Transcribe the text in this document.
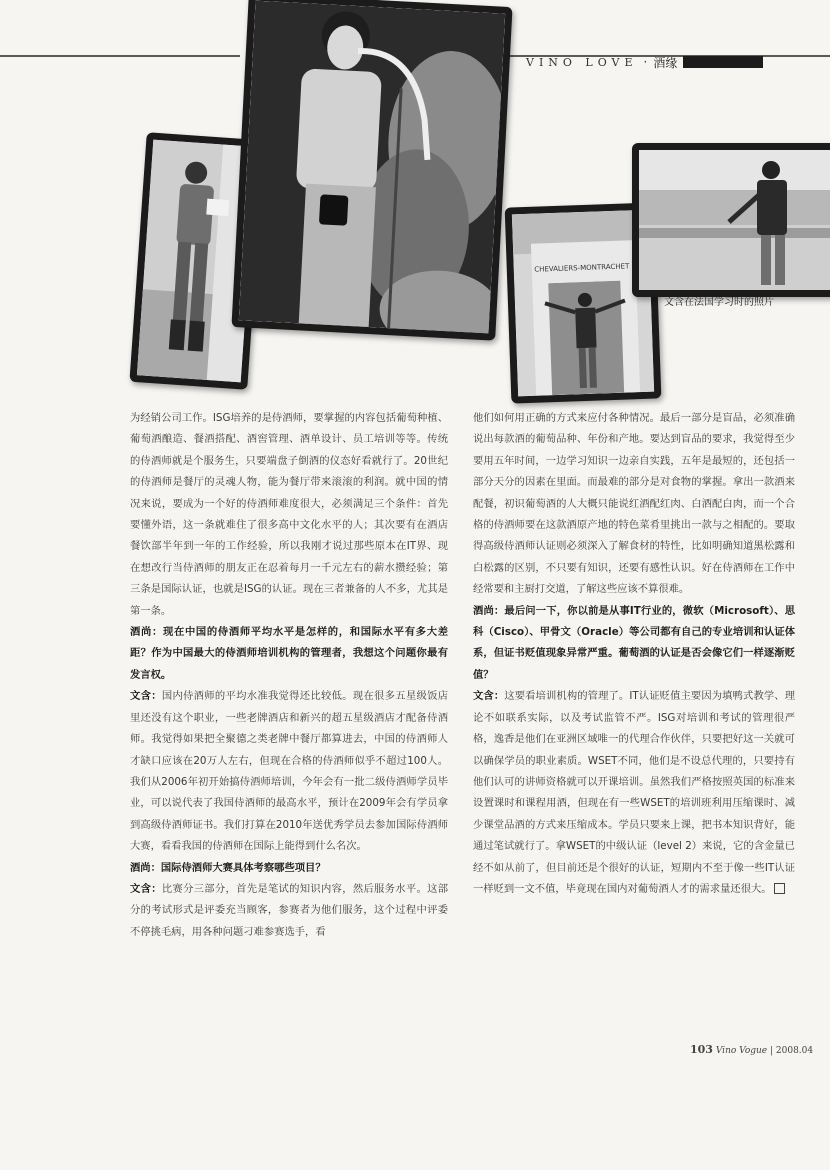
VINO LOVE · 酒缘
CHEVALIERS-MONTRACHET
文含在法国学习时的照片

为经销公司工作。ISG培养的是侍酒师，要掌握的内容包括葡萄种植、葡萄酒酿造、餐酒搭配、酒窖管理、酒单设计、员工培训等等。传统的侍酒师就是个服务生，只要端盘子倒酒的仪态好看就行了。20世纪的侍酒师是餐厅的灵魂人物，能为餐厅带来滚滚的利润。就中国的情况来说，要成为一个好的侍酒师难度很大，必须满足三个条件：首先要懂外语，这一条就难住了很多高中文化水平的人；其次要有在酒店餐饮部半年到一年的工作经验，所以我刚才说过那些原本在IT界、现在想改行当侍酒师的朋友正在忍着每月一千元左右的薪水攒经验；第三条是国际认证，也就是ISG的认证。现在三者兼备的人不多，尤其是第一条。

酒尚：现在中国的侍酒师平均水平是怎样的，和国际水平有多大差距？作为中国最大的侍酒师培训机构的管理者，我想这个问题你最有发言权。

文含：国内侍酒师的平均水准我觉得还比较低。现在很多五星级饭店里还没有这个职业，一些老牌酒店和新兴的超五星级酒店才配备侍酒师。我觉得如果把全聚德之类老牌中餐厅都算进去，中国的侍酒师人才缺口应该在20万人左右，但现在合格的侍酒师似乎不超过100人。我们从2006年初开始搞侍酒师培训，今年会有一批二级侍酒师学员毕业，可以说代表了我国侍酒师的最高水平，预计在2009年会有学员拿到高级侍酒师证书。我们打算在2010年送优秀学员去参加国际侍酒师大赛，看看我国的侍酒师在国际上能得到什么名次。

酒尚：国际侍酒师大赛具体考察哪些项目？

文含：比赛分三部分，首先是笔试的知识内容，然后服务水平。这部分的考试形式是评委充当顾客，参赛者为他们服务，这个过程中评委不停挑毛病，用各种问题刁难参赛选手，看

他们如何用正确的方式来应付各种情况。最后一部分是盲品，必须准确说出每款酒的葡萄品种、年份和产地。要达到盲品的要求，我觉得至少要用五年时间，一边学习知识一边亲自实践，五年是最短的，还包括一部分天分的因素在里面。而最难的部分是对食物的掌握。拿出一款酒来配餐，初识葡萄酒的人大概只能说红酒配红肉、白酒配白肉，而一个合格的侍酒师要在这款酒原产地的特色菜肴里挑出一款与之相配的。要取得高级侍酒师认证则必须深入了解食材的特性，比如明确知道黑松露和白松露的区别，不只要有知识，还要有感性认识。好在侍酒师在工作中经常要和主厨打交道，了解这些应该不算很难。

酒尚：最后问一下，你以前是从事IT行业的，微软（Microsoft）、思科（Cisco）、甲骨文（Oracle）等公司都有自己的专业培训和认证体系，但证书贬值现象异常严重。葡萄酒的认证是否会像它们一样逐渐贬值？

文含：这要看培训机构的管理了。IT认证贬值主要因为填鸭式教学、理论不如联系实际，以及考试监管不严。ISG对培训和考试的管理很严格，逸香是他们在亚洲区域唯一的代理合作伙伴，只要把好这一关就可以确保学员的职业素质。WSET不同，他们是不设总代理的，只要持有他们认可的讲师资格就可以开课培训。虽然我们严格按照英国的标准来设置课时和课程用酒，但现在有一些WSET的培训班利用压缩课时、减少课堂品酒的方式来压缩成本。学员只要来上课，把书本知识背好，能通过笔试就行了。拿WSET的中级认证（level 2）来说，它的含金量已经不如从前了，但目前还是个很好的认证，短期内不至于像一些IT认证一样贬到一文不值，毕竟现在国内对葡萄酒人才的需求量还很大。

103 Vino Vogue | 2008.04
